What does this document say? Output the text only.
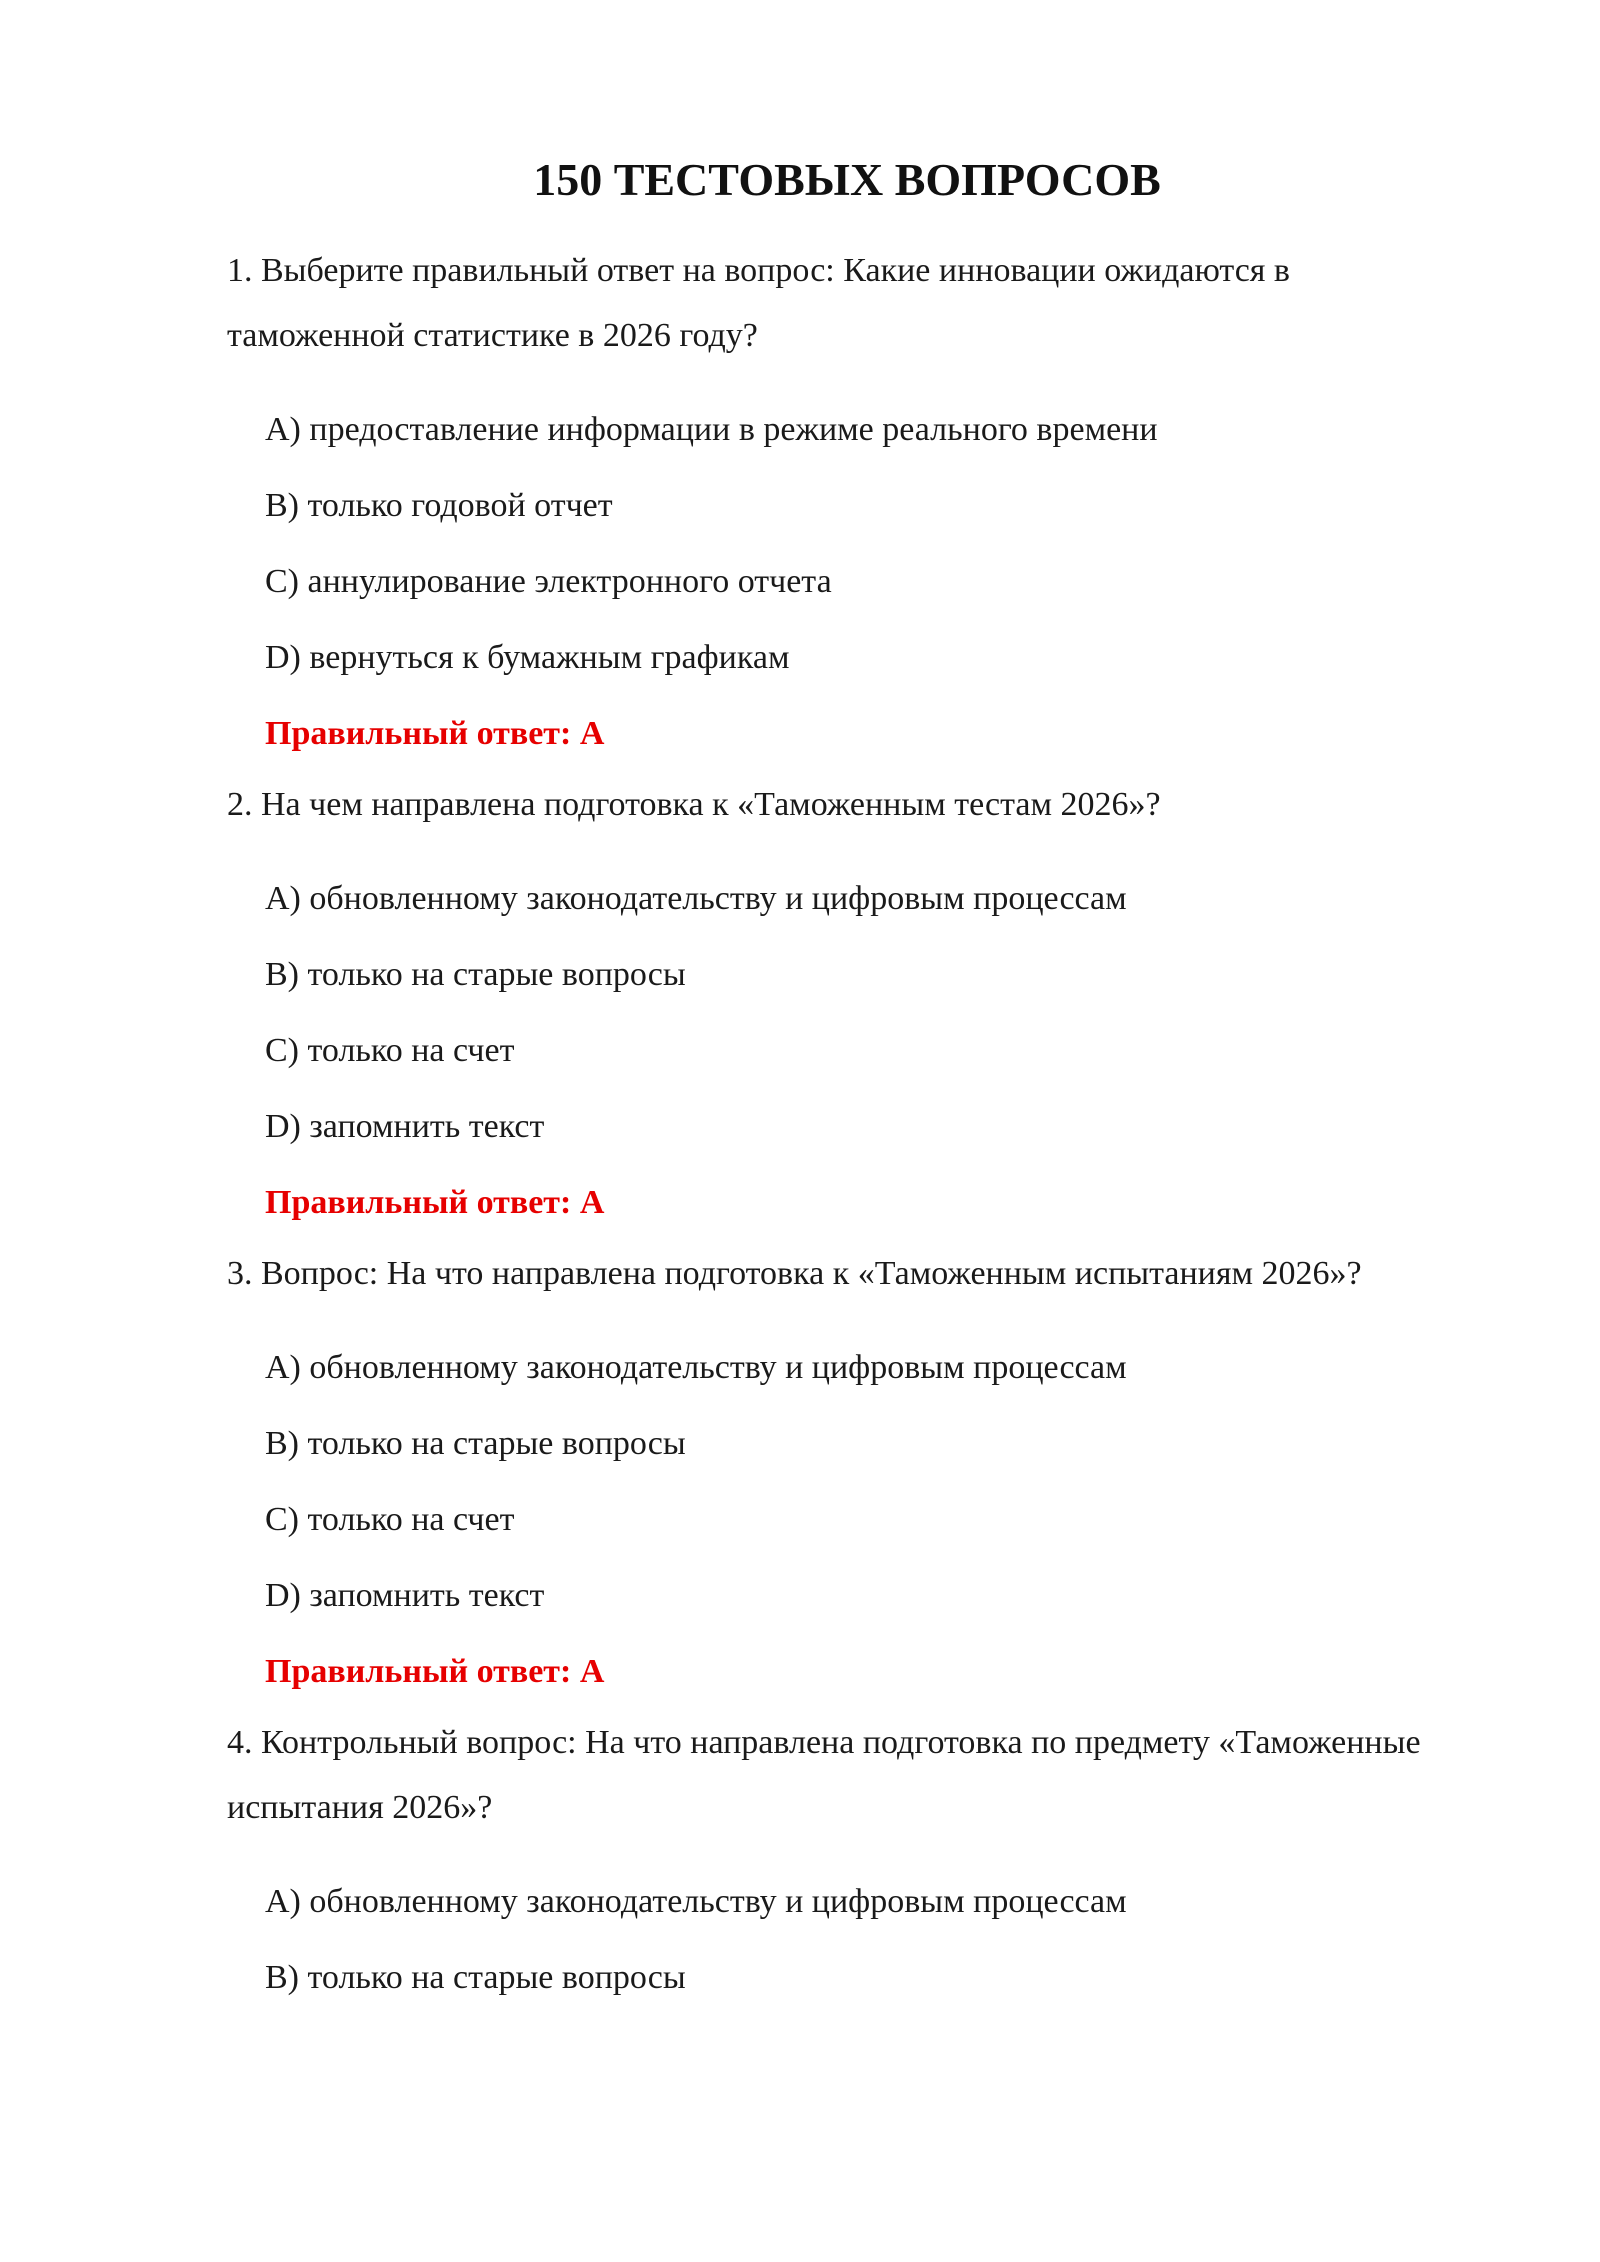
150 ТЕСТОВЫХ ВОПРОСОВ

1. Выберите правильный ответ на вопрос: Какие инновации ожидаются в таможенной статистике в 2026 году?

A) предоставление информации в режиме реального времени
B) только годовой отчет
C) аннулирование электронного отчета
D) вернуться к бумажным графикам

Правильный ответ: A

2. На чем направлена подготовка к «Таможенным тестам 2026»?

A) обновленному законодательству и цифровым процессам
B) только на старые вопросы
C) только на счет
D) запомнить текст

Правильный ответ: A

3. Вопрос: На что направлена подготовка к «Таможенным испытаниям 2026»?

A) обновленному законодательству и цифровым процессам
B) только на старые вопросы
C) только на счет
D) запомнить текст

Правильный ответ: A

4. Контрольный вопрос: На что направлена подготовка по предмету «Таможенные испытания 2026»?

A) обновленному законодательству и цифровым процессам
B) только на старые вопросы
